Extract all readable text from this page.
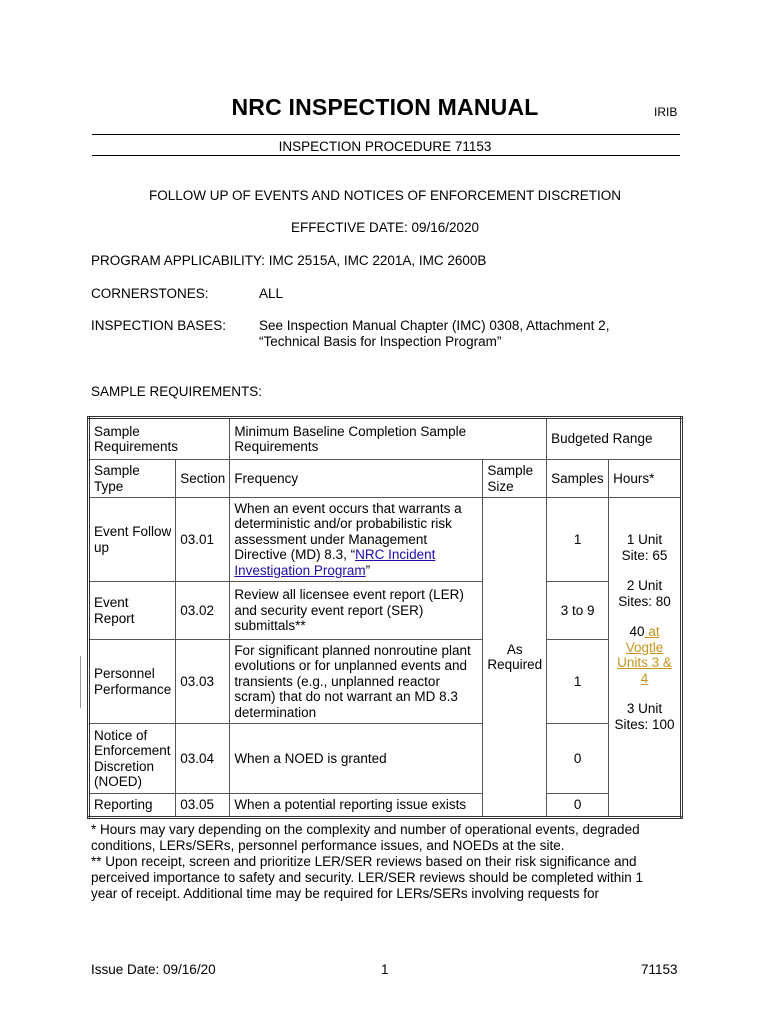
NRC INSPECTION MANUAL	IRIB
INSPECTION PROCEDURE 71153
FOLLOW UP OF EVENTS AND NOTICES OF ENFORCEMENT DISCRETION
EFFECTIVE DATE: 09/16/2020
PROGRAM APPLICABILITY: IMC 2515A, IMC 2201A, IMC 2600B
CORNERSTONES:	ALL
INSPECTION BASES: See Inspection Manual Chapter (IMC) 0308, Attachment 2,
“Technical Basis for Inspection Program”
SAMPLE REQUIREMENTS:
Sample Requirements		Minimum Baseline Completion Sample Requirements		Budgeted Range	
Sample Type	Section	Frequency	Sample Size	Samples	Hours*
Event Follow up	03.01	When an event occurs that warrants a deterministic and/or probabilistic risk assessment under Management Directive (MD) 8.3, “NRC Incident Investigation Program”	As Required	1	1 Unit Site: 65
2 Unit Sites: 80
40 at Vogtle Units 3 & 4
3 Unit Sites: 100

Event Report	03.02	Review all licensee event report (LER) and security event report (SER) submittals**		3 to 9	
Personnel Performance	03.03	For significant planned nonroutine plant evolutions or for unplanned events and transients (e.g., unplanned reactor scram) that do not warrant an MD 8.3 determination		1	
Notice of Enforcement Discretion (NOED)	03.04	When a NOED is granted		0	
Reporting	03.05	When a potential reporting issue exists		0	
* Hours may vary depending on the complexity and number of operational events, degraded conditions, LERs/SERs, personnel performance issues, and NOEDs at the site.
** Upon receipt, screen and prioritize LER/SER reviews based on their risk significance and perceived importance to safety and security. LER/SER reviews should be completed within 1 year of receipt. Additional time may be required for LERs/SERs involving requests for
Issue Date: 09/16/20	1	71153
